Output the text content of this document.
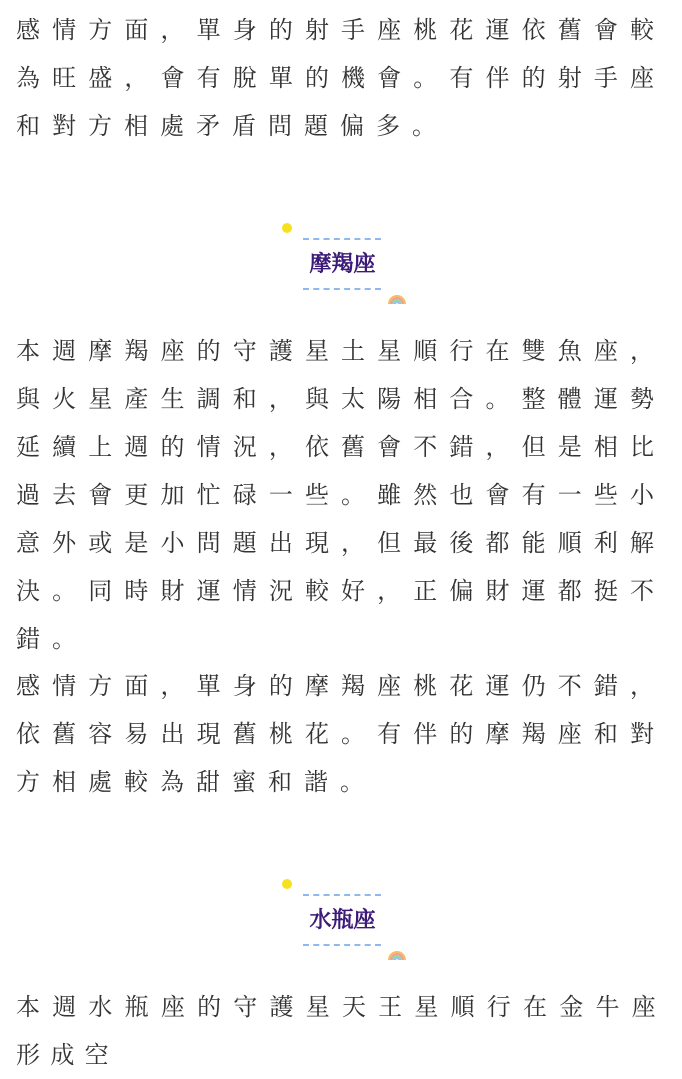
感情方面，單身的射手座桃花運依舊會較為旺盛，會有脫單的機會。有伴的射手座和對方相處矛盾問題偏多。

摩羯座

本週摩羯座的守護星土星順行在雙魚座，與火星產生調和，與太陽相合。整體運勢延續上週的情況，依舊會不錯，但是相比過去會更加忙碌一些。雖然也會有一些小意外或是小問題出現，但最後都能順利解決。同時財運情況較好，正偏財運都挺不錯。

感情方面，單身的摩羯座桃花運仍不錯，依舊容易出現舊桃花。有伴的摩羯座和對方相處較為甜蜜和諧。

水瓶座

本週水瓶座的守護星天王星順行在金牛座形成空
